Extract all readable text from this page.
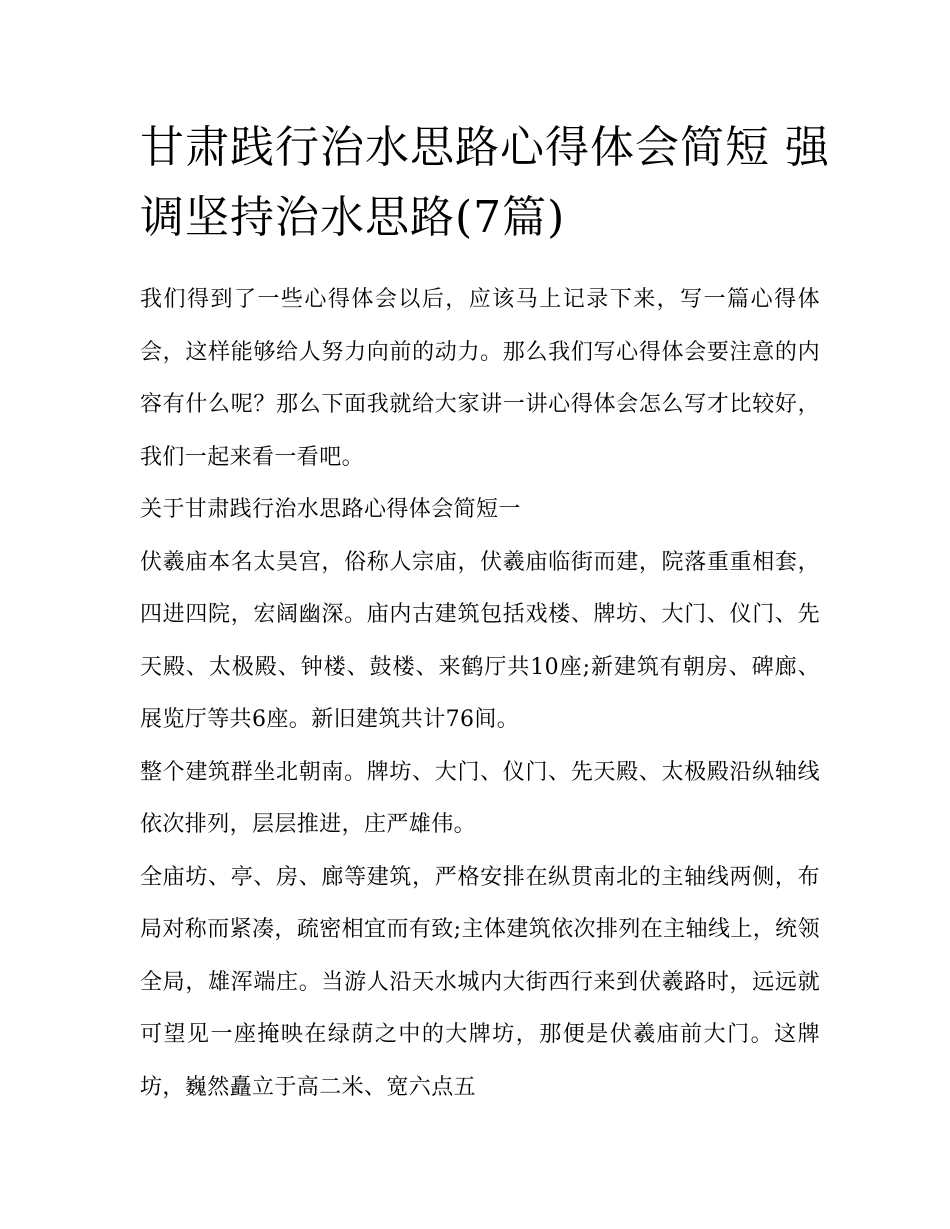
甘肃践行治水思路心得体会简短 强调坚持治水思路(7篇)

我们得到了一些心得体会以后，应该马上记录下来，写一篇心得体会，这样能够给人努力向前的动力。那么我们写心得体会要注意的内容有什么呢？那么下面我就给大家讲一讲心得体会怎么写才比较好，我们一起来看一看吧。

关于甘肃践行治水思路心得体会简短一

伏羲庙本名太昊宫，俗称人宗庙，伏羲庙临街而建，院落重重相套，四进四院，宏阔幽深。庙内古建筑包括戏楼、牌坊、大门、仪门、先天殿、太极殿、钟楼、鼓楼、来鹤厅共10座;新建筑有朝房、碑廊、展览厅等共6座。新旧建筑共计76间。

整个建筑群坐北朝南。牌坊、大门、仪门、先天殿、太极殿沿纵轴线依次排列，层层推进，庄严雄伟。

全庙坊、亭、房、廊等建筑，严格安排在纵贯南北的主轴线两侧，布局对称而紧凑，疏密相宜而有致;主体建筑依次排列在主轴线上，统领全局，雄浑端庄。当游人沿天水城内大街西行来到伏羲路时，远远就可望见一座掩映在绿荫之中的大牌坊，那便是伏羲庙前大门。这牌坊，巍然矗立于高二米、宽六点五
